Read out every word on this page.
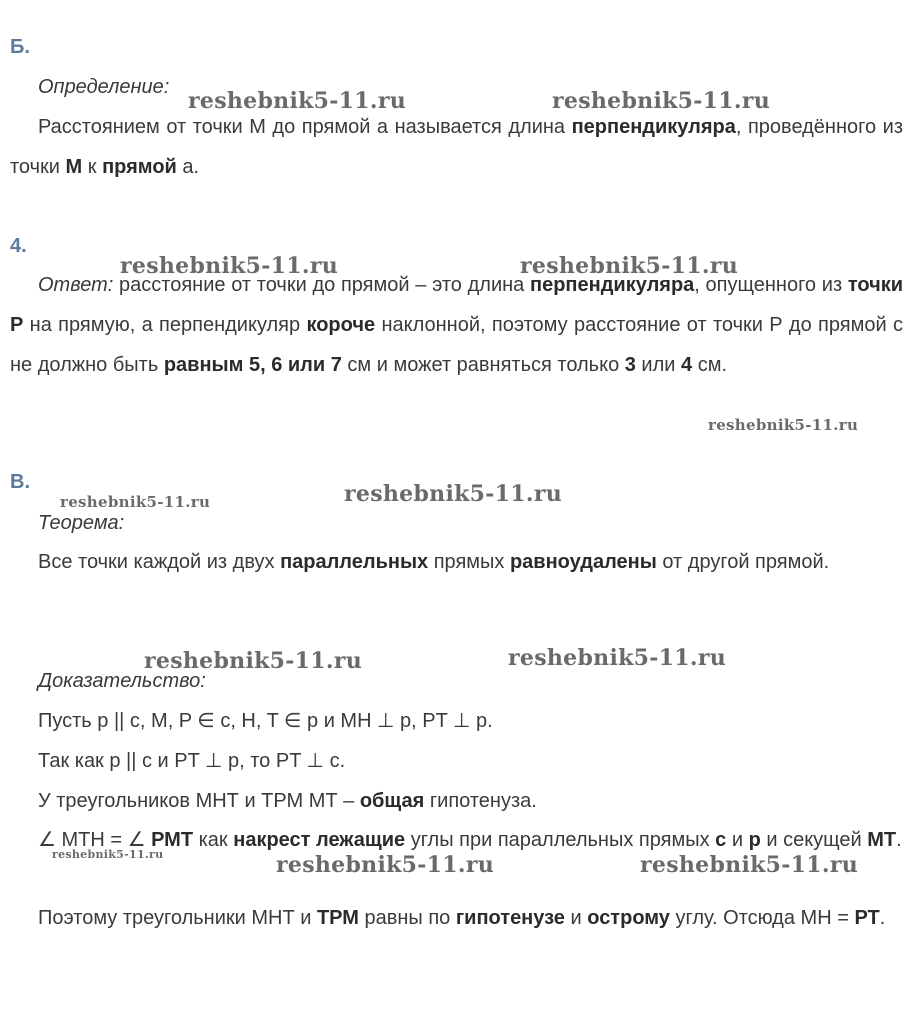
Б.

Определение:

Расстоянием от точки М до прямой а называется длина перпендикуляра, проведённого из точки М к прямой а.

4.

Ответ: расстояние от точки до прямой – это длина перпендикуляра, опущенного из точки Р на прямую, а перпендикуляр короче наклонной, поэтому расстояние от точки Р до прямой с не должно быть равным 5, 6 или 7 см и может равняться только 3 или 4 см.

В.

Теорема:

Все точки каждой из двух параллельных прямых равноудалены от другой прямой.

Доказательство:

Пусть p || c, M, P ∈ c, H, T ∈ p и MH ⊥ p, PT ⊥ p.

Так как p || c и PT ⊥ p, то PT ⊥ c.

У треугольников МНТ и ТРМ МТ – общая гипотенуза.

∠ МТН = ∠ РМТ как накрест лежащие углы при параллельных прямых с и р и секущей МТ.

Поэтому треугольники МНТ и ТРМ равны по гипотенузе и острому углу. Отсюда МН = РТ.

reshebnik5-11.ru	reshebnik5-11.ru
reshebnik5-11.ru	reshebnik5-11.ru
reshebnik5-11.ru
reshebnik5-11.ru	reshebnik5-11.ru
reshebnik5-11.ru	reshebnik5-11.ru
reshebnik5-11.ru	reshebnik5-11.ru	reshebnik5-11.ru
